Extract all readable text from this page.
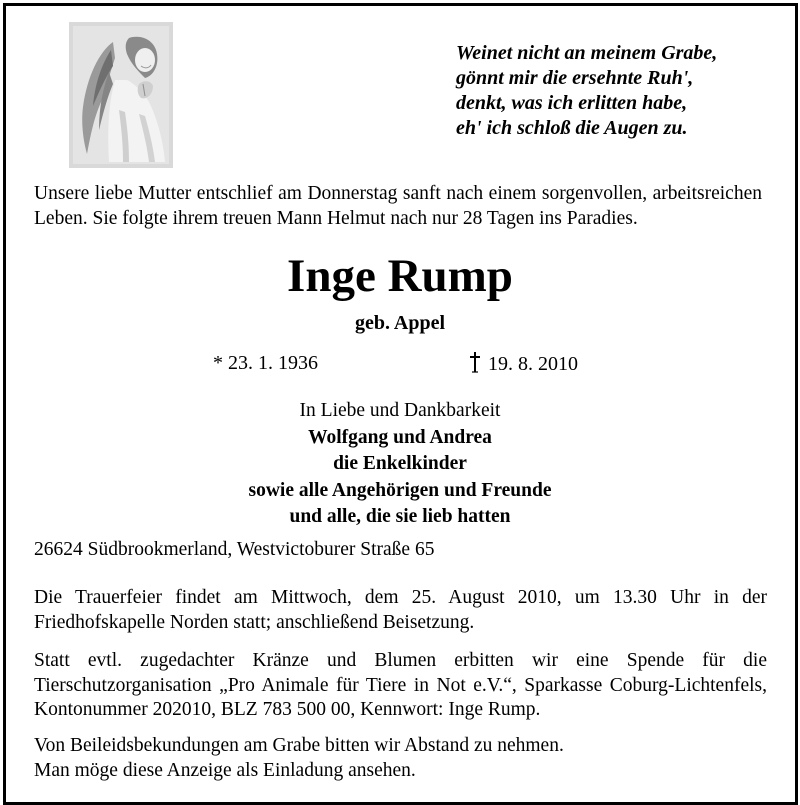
Weinet nicht an meinem Grabe,
gönnt mir die ersehnte Ruh',
denkt, was ich erlitten habe,
eh' ich schloß die Augen zu.

Unsere liebe Mutter entschlief am Donnerstag sanft nach einem sorgenvollen, arbeitsreichen Leben. Sie folgte ihrem treuen Mann Helmut nach nur 28 Tagen ins Paradies.

Inge Rump
geb. Appel
* 23. 1. 1936	19. 8. 2010
In Liebe und Dankbarkeit
Wolfgang und Andrea
die Enkelkinder
sowie alle Angehörigen und Freunde
und alle, die sie lieb hatten
26624 Südbrookmerland, Westvictoburer Straße 65

Die Trauerfeier findet am Mittwoch, dem 25. August 2010, um 13.30 Uhr in der Friedhofskapelle Norden statt; anschließend Beisetzung.

Statt evtl. zugedachter Kränze und Blumen erbitten wir eine Spende für die Tierschutzorganisation „Pro Animale für Tiere in Not e.V.“, Sparkasse Coburg-Lichtenfels, Kontonummer 202010, BLZ 783 500 00, Kennwort: Inge Rump.

Von Beileidsbekundungen am Grabe bitten wir Abstand zu nehmen.

Man möge diese Anzeige als Einladung ansehen.
